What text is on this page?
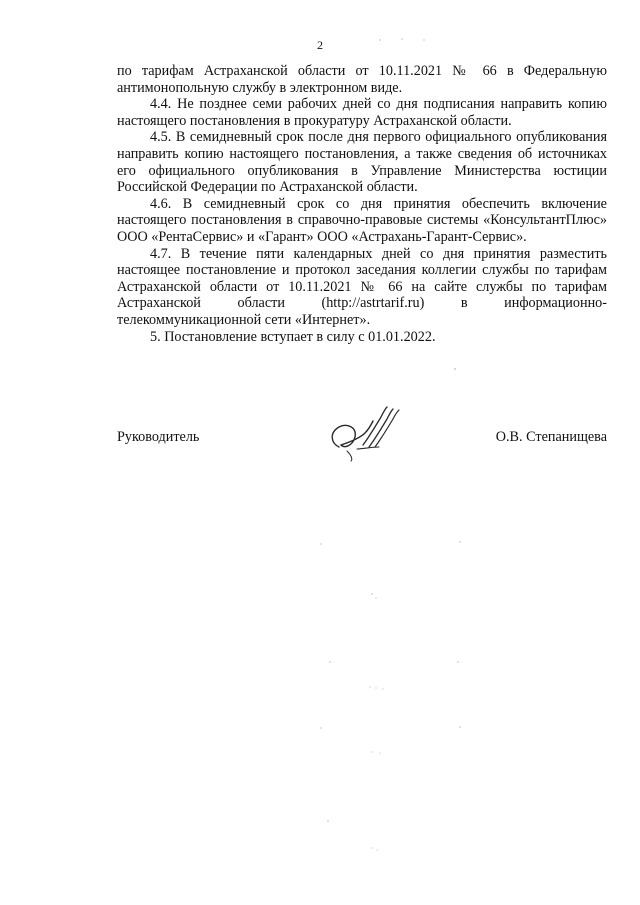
2

по тарифам Астраханской области от 10.11.2021 № 66 в Федеральную антимонопольную службу в электронном виде.

4.4. Не позднее семи рабочих дней со дня подписания направить копию настоящего постановления в прокуратуру Астраханской области.

4.5. В семидневный срок после дня первого официального опубликования направить копию настоящего постановления, а также сведения об источниках его официального опубликования в Управление Министерства юстиции Российской Федерации по Астраханской области.

4.6. В семидневный срок со дня принятия обеспечить включение настоящего постановления в справочно-правовые системы «КонсультантПлюс» ООО «РентаСервис» и «Гарант» ООО «Астрахань-Гарант-Сервис».

4.7. В течение пяти календарных дней со дня принятия разместить настоящее постановление и протокол заседания коллегии службы по тарифам Астраханской области от 10.11.2021 № 66 на сайте службы по тарифам Астраханской области (http://astrtarif.ru) в информационно-телекоммуникационной сети «Интернет».

5. Постановление вступает в силу с 01.01.2022.

Руководитель	О.В. Степанищева
